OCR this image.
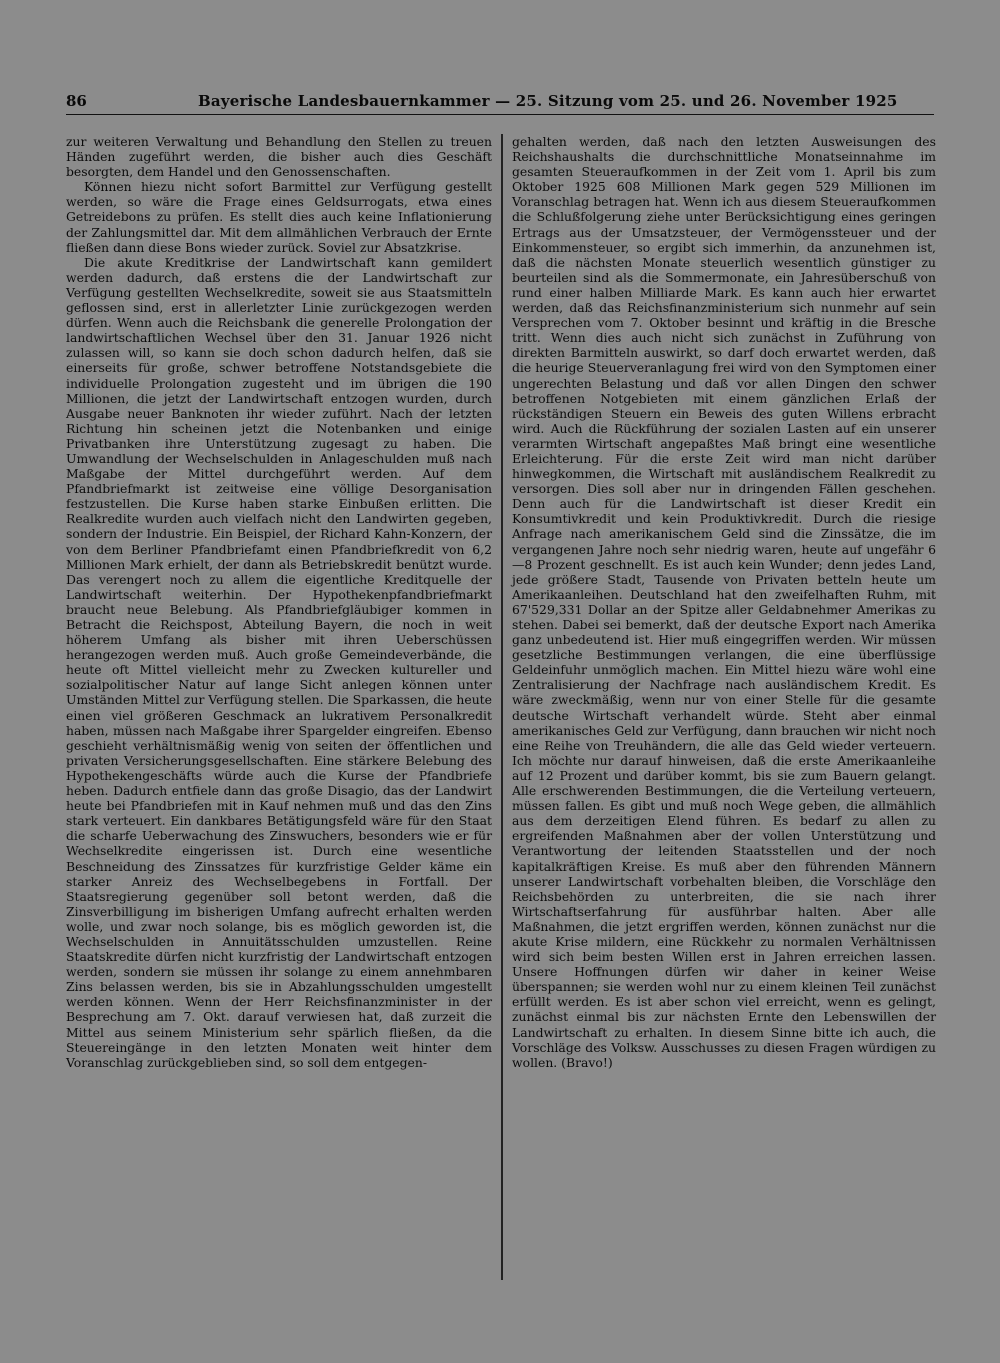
86	Bayerische Landesbauernkammer — 25. Sitzung vom 25. und 26. November 1925

zur weiteren Verwaltung und Behandlung den Stellen zu treuen Händen zugeführt werden, die bisher auch dies Geschäft besorgten, dem Handel und den Genossenschaften.

Können hiezu nicht sofort Barmittel zur Verfügung gestellt werden, so wäre die Frage eines Geldsurrogats, etwa eines Getreidebons zu prüfen. Es stellt dies auch keine Inflationierung der Zahlungsmittel dar. Mit dem allmählichen Verbrauch der Ernte fließen dann diese Bons wieder zurück. Soviel zur Absatzkrise.

Die akute Kreditkrise der Landwirtschaft kann gemildert werden dadurch, daß erstens die der Landwirtschaft zur Verfügung gestellten Wechselkredite, soweit sie aus Staatsmitteln geflossen sind, erst in allerletzter Linie zurückgezogen werden dürfen. Wenn auch die Reichsbank die generelle Prolongation der landwirtschaftlichen Wechsel über den 31. Januar 1926 nicht zulassen will, so kann sie doch schon dadurch helfen, daß sie einerseits für große, schwer betroffene Notstandsgebiete die individuelle Prolongation zugesteht und im übrigen die 190 Millionen, die jetzt der Landwirtschaft entzogen wurden, durch Ausgabe neuer Banknoten ihr wieder zuführt. Nach der letzten Richtung hin scheinen jetzt die Notenbanken und einige Privatbanken ihre Unterstützung zugesagt zu haben. Die Umwandlung der Wechselschulden in Anlageschulden muß nach Maßgabe der Mittel durchgeführt werden. Auf dem Pfandbriefmarkt ist zeitweise eine völlige Desorganisation festzustellen. Die Kurse haben starke Einbußen erlitten. Die Realkredite wurden auch vielfach nicht den Landwirten gegeben, sondern der Industrie. Ein Beispiel, der Richard Kahn-Konzern, der von dem Berliner Pfandbriefamt einen Pfandbriefkredit von 6,2 Millionen Mark erhielt, der dann als Betriebskredit benützt wurde. Das verengert noch zu allem die eigentliche Kreditquelle der Landwirtschaft weiterhin. Der Hypothekenpfandbriefmarkt braucht neue Belebung. Als Pfandbriefgläubiger kommen in Betracht die Reichspost, Abteilung Bayern, die noch in weit höherem Umfang als bisher mit ihren Ueberschüssen herangezogen werden muß. Auch große Gemeindeverbände, die heute oft Mittel vielleicht mehr zu Zwecken kultureller und sozialpolitischer Natur auf lange Sicht anlegen können unter Umständen Mittel zur Verfügung stellen. Die Sparkassen, die heute einen viel größeren Geschmack an lukrativem Personalkredit haben, müssen nach Maßgabe ihrer Spargelder eingreifen. Ebenso geschieht verhältnismäßig wenig von seiten der öffentlichen und privaten Versicherungsgesellschaften. Eine stärkere Belebung des Hypothekengeschäfts würde auch die Kurse der Pfandbriefe heben. Dadurch entfiele dann das große Disagio, das der Landwirt heute bei Pfandbriefen mit in Kauf nehmen muß und das den Zins stark verteuert. Ein dankbares Betätigungsfeld wäre für den Staat die scharfe Ueberwachung des Zinswuchers, besonders wie er für Wechselkredite eingerissen ist. Durch eine wesentliche Beschneidung des Zinssatzes für kurzfristige Gelder käme ein starker Anreiz des Wechselbegebens in Fortfall. Der Staatsregierung gegenüber soll betont werden, daß die Zinsverbilligung im bisherigen Umfang aufrecht erhalten werden wolle, und zwar noch solange, bis es möglich geworden ist, die Wechselschulden in Annuitätsschulden umzustellen. Reine Staatskredite dürfen nicht kurzfristig der Landwirtschaft entzogen werden, sondern sie müssen ihr solange zu einem annehmbaren Zins belassen werden, bis sie in Abzahlungsschulden umgestellt werden können. Wenn der Herr Reichsfinanzminister in der Besprechung am 7. Okt. darauf verwiesen hat, daß zurzeit die Mittel aus seinem Ministerium sehr spärlich fließen, da die Steuereingänge in den letzten Monaten weit hinter dem Voranschlag zurückgeblieben sind, so soll dem entgegen-

gehalten werden, daß nach den letzten Ausweisungen des Reichshaushalts die durchschnittliche Monatseinnahme im gesamten Steueraufkommen in der Zeit vom 1. April bis zum Oktober 1925 608 Millionen Mark gegen 529 Millionen im Voranschlag betragen hat. Wenn ich aus diesem Steueraufkommen die Schlußfolgerung ziehe unter Berücksichtigung eines geringen Ertrags aus der Umsatzsteuer, der Vermögenssteuer und der Einkommensteuer, so ergibt sich immerhin, da anzunehmen ist, daß die nächsten Monate steuerlich wesentlich günstiger zu beurteilen sind als die Sommermonate, ein Jahresüberschuß von rund einer halben Milliarde Mark. Es kann auch hier erwartet werden, daß das Reichsfinanzministerium sich nunmehr auf sein Versprechen vom 7. Oktober besinnt und kräftig in die Bresche tritt. Wenn dies auch nicht sich zunächst in Zuführung von direkten Barmitteln auswirkt, so darf doch erwartet werden, daß die heurige Steuerveranlagung frei wird von den Symptomen einer ungerechten Belastung und daß vor allen Dingen den schwer betroffenen Notgebieten mit einem gänzlichen Erlaß der rückständigen Steuern ein Beweis des guten Willens erbracht wird. Auch die Rückführung der sozialen Lasten auf ein unserer verarmten Wirtschaft angepaßtes Maß bringt eine wesentliche Erleichterung. Für die erste Zeit wird man nicht darüber hinwegkommen, die Wirtschaft mit ausländischem Realkredit zu versorgen. Dies soll aber nur in dringenden Fällen geschehen. Denn auch für die Landwirtschaft ist dieser Kredit ein Konsumtivkredit und kein Produktivkredit. Durch die riesige Anfrage nach amerikanischem Geld sind die Zinssätze, die im vergangenen Jahre noch sehr niedrig waren, heute auf ungefähr 6—8 Prozent geschnellt. Es ist auch kein Wunder; denn jedes Land, jede größere Stadt, Tausende von Privaten betteln heute um Amerikaanleihen. Deutschland hat den zweifelhaften Ruhm, mit 67'529,331 Dollar an der Spitze aller Geldabnehmer Amerikas zu stehen. Dabei sei bemerkt, daß der deutsche Export nach Amerika ganz unbedeutend ist. Hier muß eingegriffen werden. Wir müssen gesetzliche Bestimmungen verlangen, die eine überflüssige Geldeinfuhr unmöglich machen. Ein Mittel hiezu wäre wohl eine Zentralisierung der Nachfrage nach ausländischem Kredit. Es wäre zweckmäßig, wenn nur von einer Stelle für die gesamte deutsche Wirtschaft verhandelt würde. Steht aber einmal amerikanisches Geld zur Verfügung, dann brauchen wir nicht noch eine Reihe von Treuhändern, die alle das Geld wieder verteuern. Ich möchte nur darauf hinweisen, daß die erste Amerikaanleihe auf 12 Prozent und darüber kommt, bis sie zum Bauern gelangt. Alle erschwerenden Bestimmungen, die die Verteilung verteuern, müssen fallen. Es gibt und muß noch Wege geben, die allmählich aus dem derzeitigen Elend führen. Es bedarf zu allen zu ergreifenden Maßnahmen aber der vollen Unterstützung und Verantwortung der leitenden Staatsstellen und der noch kapitalkräftigen Kreise. Es muß aber den führenden Männern unserer Landwirtschaft vorbehalten bleiben, die Vorschläge den Reichsbehörden zu unterbreiten, die sie nach ihrer Wirtschaftserfahrung für ausführbar halten. Aber alle Maßnahmen, die jetzt ergriffen werden, können zunächst nur die akute Krise mildern, eine Rückkehr zu normalen Verhältnissen wird sich beim besten Willen erst in Jahren erreichen lassen. Unsere Hoffnungen dürfen wir daher in keiner Weise überspannen; sie werden wohl nur zu einem kleinen Teil zunächst erfüllt werden. Es ist aber schon viel erreicht, wenn es gelingt, zunächst einmal bis zur nächsten Ernte den Lebenswillen der Landwirtschaft zu erhalten. In diesem Sinne bitte ich auch, die Vorschläge des Volksw. Ausschusses zu diesen Fragen würdigen zu wollen. (Bravo!)
